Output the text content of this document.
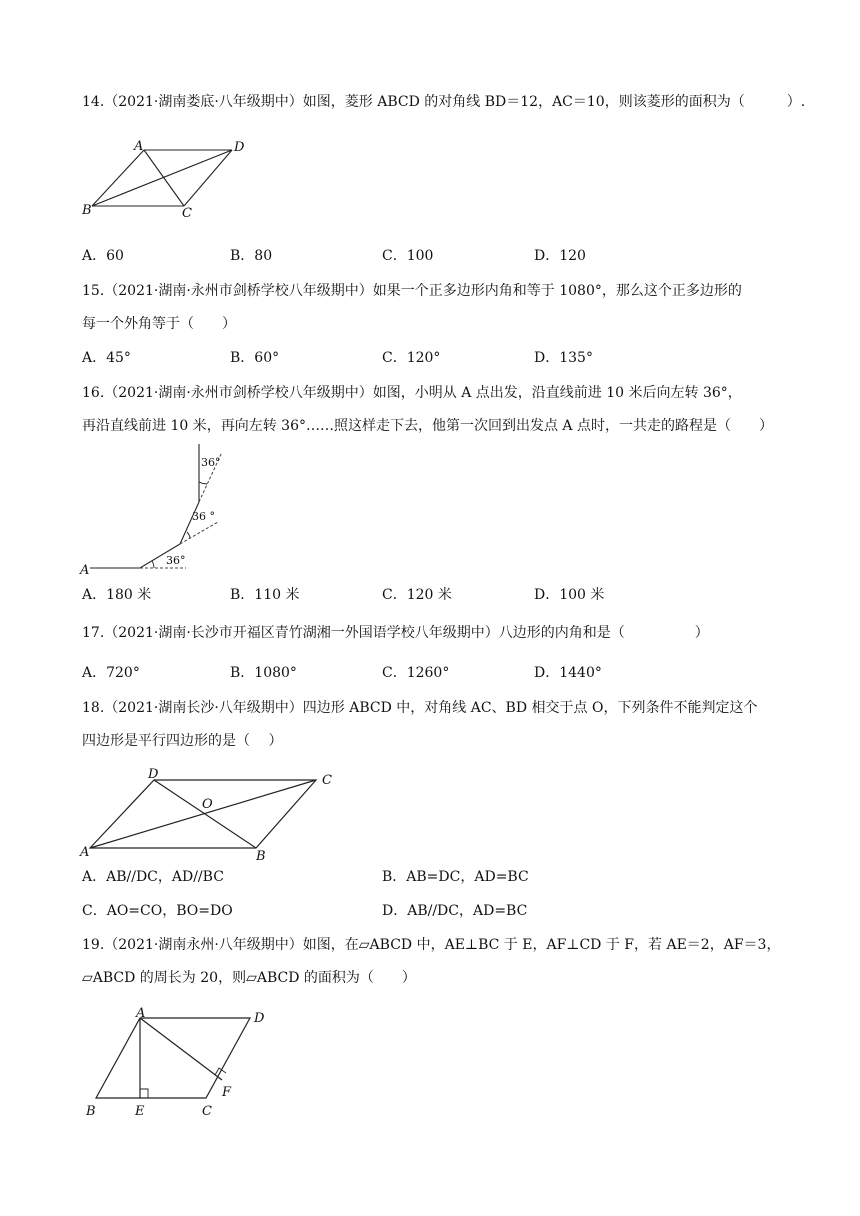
14.（2021·湖南娄底·八年级期中）如图，菱形 ABCD 的对角线 BD＝12，AC＝10，则该菱形的面积为（　　　）.
A	D
B	C
A．60	B．80	C．100	D．120
15.（2021·湖南·永州市剑桥学校八年级期中）如果一个正多边形内角和等于 1080°，那么这个正多边形的
每一个外角等于（　　）
A．45°	B．60°	C．120°	D．135°
16.（2021·湖南·永州市剑桥学校八年级期中）如图，小明从 A 点出发，沿直线前进 10 米后向左转 36°，
再沿直线前进 10 米，再向左转 36°……照这样走下去，他第一次回到出发点 A 点时，一共走的路程是（　　）
A
36°
36 °
36°
A．180 米	B．110 米	C．120 米	D．100 米
17.（2021·湖南·长沙市开福区青竹湖湘一外国语学校八年级期中）八边形的内角和是（　　　　　）
A．720°	B．1080°	C．1260°	D．1440°
18.（2021·湖南长沙·八年级期中）四边形 ABCD 中，对角线 AC、BD 相交于点 O，下列条件不能判定这个
四边形是平行四边形的是（　 ）
D	C
O
A	B
A．AB//DC，AD//BC	B．AB=DC，AD=BC
C．AO=CO，BO=DO	D．AB//DC，AD=BC
19.（2021·湖南永州·八年级期中）如图，在▱ABCD 中，AE⊥BC 于 E，AF⊥CD 于 F，若 AE＝2，AF＝3，
▱ABCD 的周长为 20，则▱ABCD 的面积为（　　）
A	D
F
B	E	C
